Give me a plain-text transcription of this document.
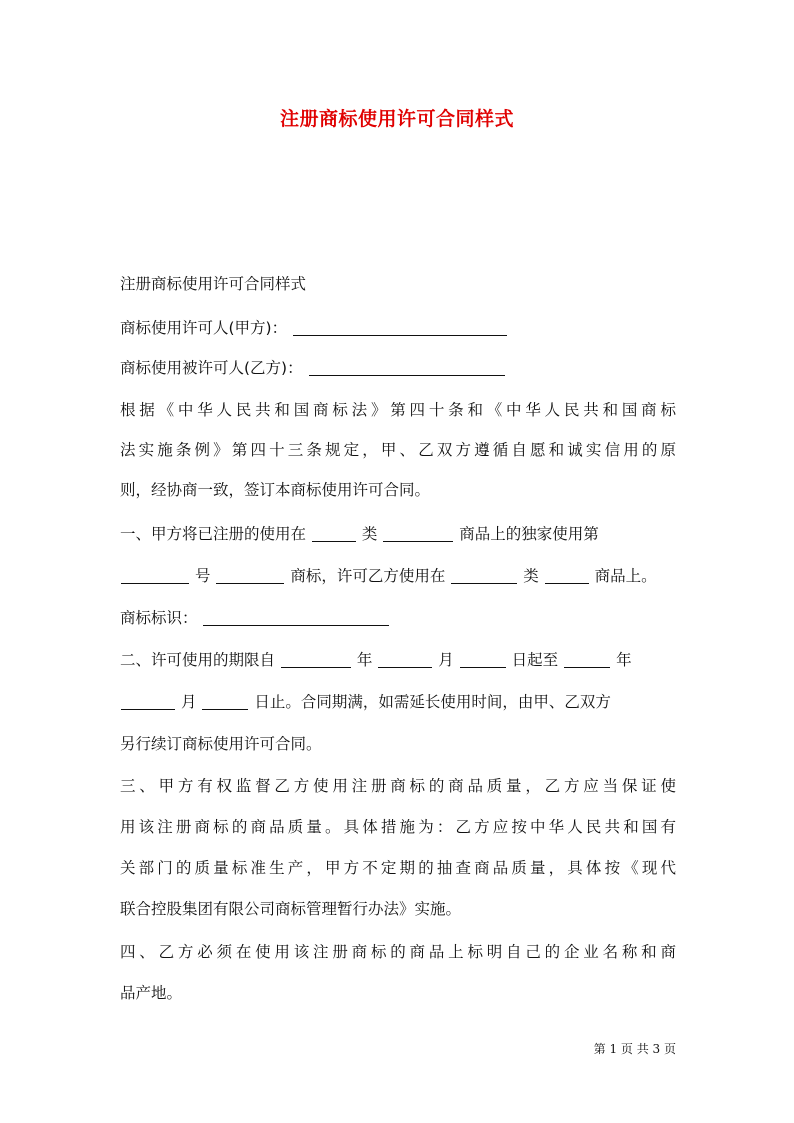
注册商标使用许可合同样式
注册商标使用许可合同样式
商标使用许可人(甲方)：
商标使用被许可人(乙方)：
根据《中华人民共和国商标法》第四十条和《中华人民共和国商标
法实施条例》第四十三条规定，甲、乙双方遵循自愿和诚实信用的原
则，经协商一致，签订本商标使用许可合同。
一、甲方将已注册的使用在	类	商品上的独家使用第
号	商标，许可乙方使用在	类	商品上。
商标标识：
二、许可使用的期限自	年	月	日起至	年
月	日止。合同期满，如需延长使用时间，由甲、乙双方
另行续订商标使用许可合同。
三、甲方有权监督乙方使用注册商标的商品质量，乙方应当保证使
用该注册商标的商品质量。具体措施为：乙方应按中华人民共和国有
关部门的质量标准生产，甲方不定期的抽查商品质量，具体按《现代
联合控股集团有限公司商标管理暂行办法》实施。
四、乙方必须在使用该注册商标的商品上标明自己的企业名称和商
品产地。
第 1 页 共 3 页
